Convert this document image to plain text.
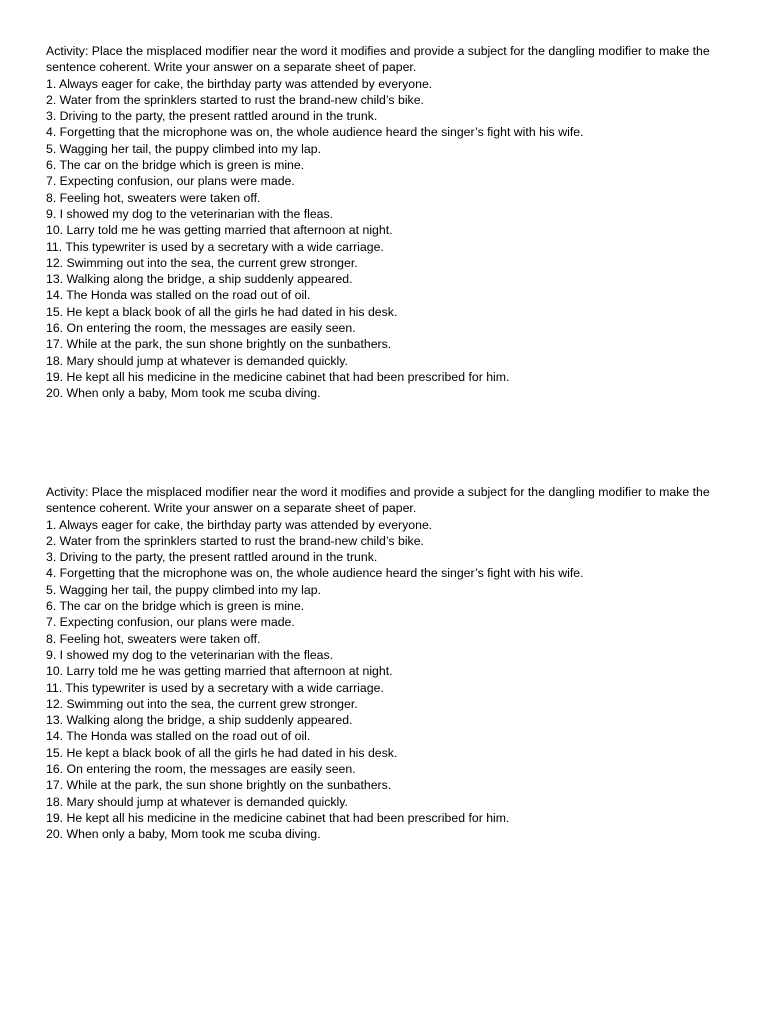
Activity: Place the misplaced modifier near the word it modifies and provide a subject for the dangling modifier to make the sentence coherent. Write your answer on a separate sheet of paper.

1. Always eager for cake, the birthday party was attended by everyone.
2. Water from the sprinklers started to rust the brand-new child’s bike.
3. Driving to the party, the present rattled around in the trunk.
4. Forgetting that the microphone was on, the whole audience heard the singer’s fight with his wife.
5. Wagging her tail, the puppy climbed into my lap.
6. The car on the bridge which is green is mine.
7. Expecting confusion, our plans were made.
8. Feeling hot, sweaters were taken off.
9. I showed my dog to the veterinarian with the fleas.
10. Larry told me he was getting married that afternoon at night.
11. This typewriter is used by a secretary with a wide carriage.
12. Swimming out into the sea, the current grew stronger.
13. Walking along the bridge, a ship suddenly appeared.
14. The Honda was stalled on the road out of oil.
15. He kept a black book of all the girls he had dated in his desk.
16. On entering the room, the messages are easily seen.
17. While at the park, the sun shone brightly on the sunbathers.
18. Mary should jump at whatever is demanded quickly.
19. He kept all his medicine in the medicine cabinet that had been prescribed for him.
20. When only a baby, Mom took me scuba diving.

Activity: Place the misplaced modifier near the word it modifies and provide a subject for the dangling modifier to make the sentence coherent. Write your answer on a separate sheet of paper.

1. Always eager for cake, the birthday party was attended by everyone.
2. Water from the sprinklers started to rust the brand-new child’s bike.
3. Driving to the party, the present rattled around in the trunk.
4. Forgetting that the microphone was on, the whole audience heard the singer’s fight with his wife.
5. Wagging her tail, the puppy climbed into my lap.
6. The car on the bridge which is green is mine.
7. Expecting confusion, our plans were made.
8. Feeling hot, sweaters were taken off.
9. I showed my dog to the veterinarian with the fleas.
10. Larry told me he was getting married that afternoon at night.
11. This typewriter is used by a secretary with a wide carriage.
12. Swimming out into the sea, the current grew stronger.
13. Walking along the bridge, a ship suddenly appeared.
14. The Honda was stalled on the road out of oil.
15. He kept a black book of all the girls he had dated in his desk.
16. On entering the room, the messages are easily seen.
17. While at the park, the sun shone brightly on the sunbathers.
18. Mary should jump at whatever is demanded quickly.
19. He kept all his medicine in the medicine cabinet that had been prescribed for him.
20. When only a baby, Mom took me scuba diving.
